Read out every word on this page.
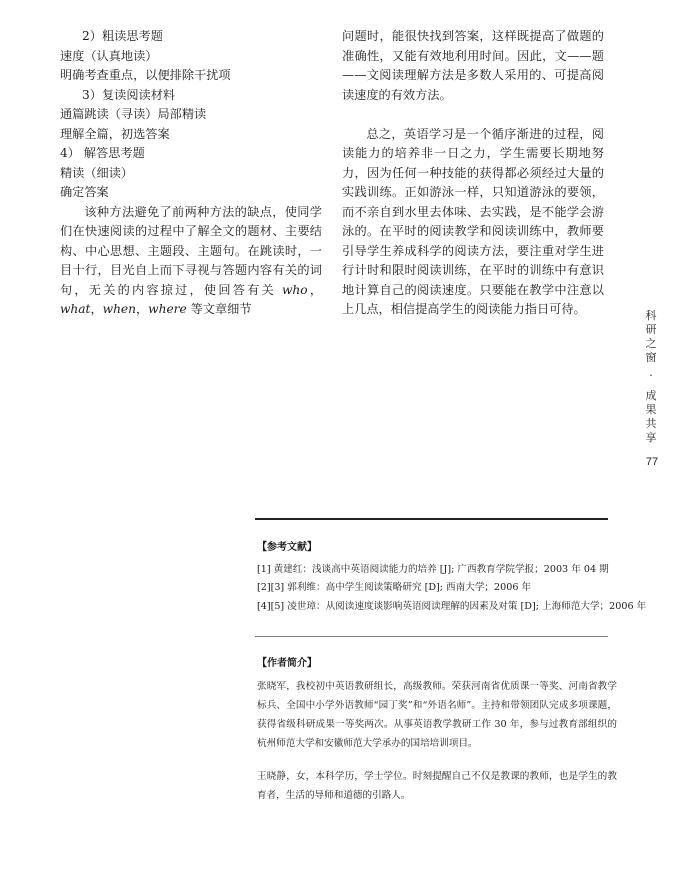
2）粗读思考题
速度（认真地读）
明确考查重点，以便排除干扰项
3）复读阅读材料
通篇跳读（寻读）局部精读
理解全篇，初选答案
4） 解答思考题
精读（细读）
确定答案

该种方法避免了前两种方法的缺点，使同学们在快速阅读的过程中了解全文的题材、主要结构、中心思想、主题段、主题句。在跳读时，一目十行，目光自上而下寻视与答题内容有关的词句，无关的内容掠过，使回答有关 who，what，when，where 等文章细节

问题时，能很快找到答案，这样既提高了做题的准确性，又能有效地利用时间。因此，文——题——文阅读理解方法是多数人采用的、可提高阅读速度的有效方法。

总之，英语学习是一个循序渐进的过程，阅读能力的培养非一日之力，学生需要长期地努力，因为任何一种技能的获得都必须经过大量的实践训练。正如游泳一样，只知道游泳的要领，而不亲自到水里去体味、去实践，是不能学会游泳的。在平时的阅读教学和阅读训练中，教师要引导学生养成科学的阅读方法，要注重对学生进行计时和限时阅读训练，在平时的训练中有意识地计算自己的阅读速度。只要能在教学中注意以上几点，相信提高学生的阅读能力指日可待。	科
研
之
窗
·
成
果
共
享
77
【参考文献】
[1] 黄建红：浅谈高中英语阅读能力的培养 [J]; 广西教育学院学报；2003 年 04 期
[2][3] 郭利维：高中学生阅读策略研究 [D]; 西南大学；2006 年
[4][5] 凌世璋：从阅读速度谈影响英语阅读理解的因素及对策 [D]; 上海师范大学；2006 年
【作者简介】

张晓军，我校初中英语教研组长，高级教师。荣获河南省优质课一等奖、河南省教学标兵、全国中小学外语教师“园丁奖”和“外语名师”。主持和带领团队完成多项课题，获得省级科研成果一等奖两次。从事英语教学教研工作 30 年，参与过教育部组织的杭州师范大学和安徽师范大学承办的国培培训项目。

王晓静，女，本科学历，学士学位。时刻提醒自己不仅是教课的教师，也是学生的教育者，生活的导师和道德的引路人。
